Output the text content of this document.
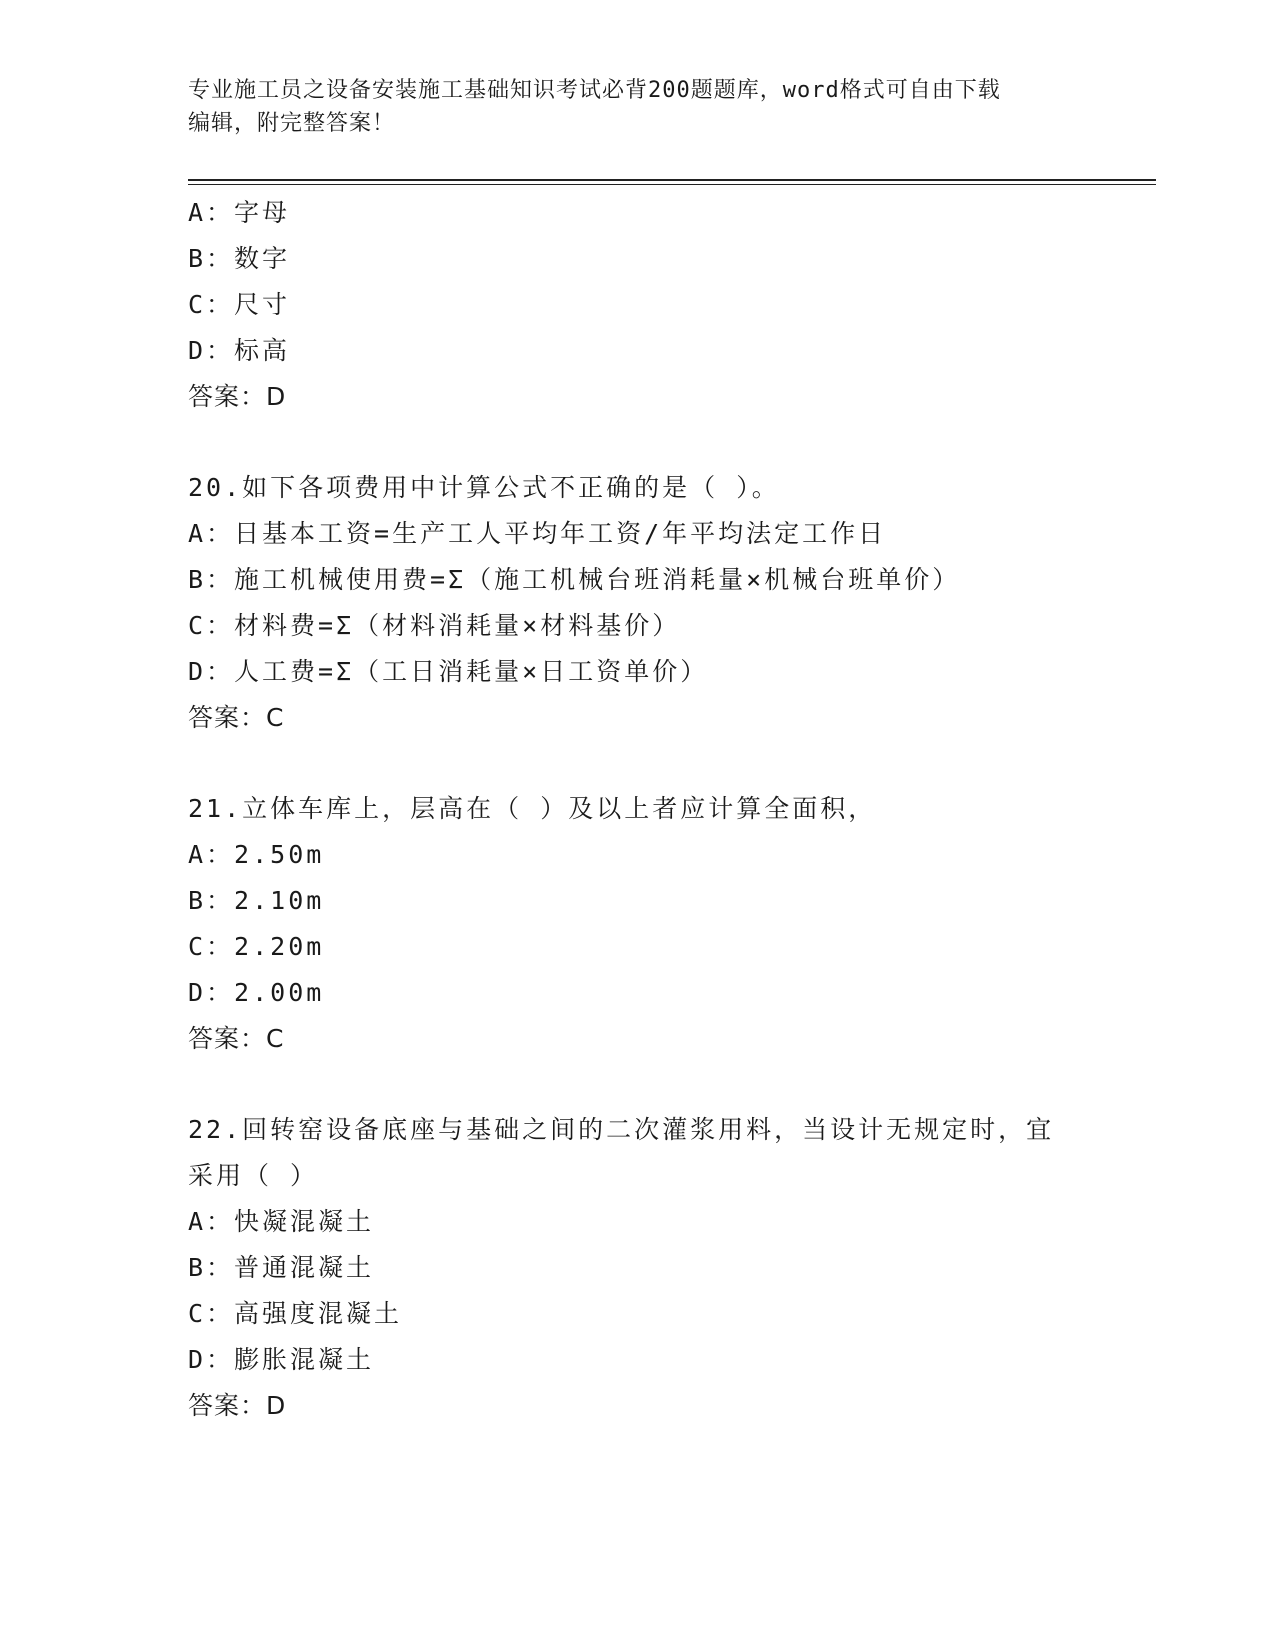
专业施工员之设备安装施工基础知识考试必背200题题库，word格式可自由下载
编辑，附完整答案！
A：字母
B：数字
C：尺寸
D：标高
答案：D
20.如下各项费用中计算公式不正确的是（ ）。
A：日基本工资=生产工人平均年工资/年平均法定工作日
B：施工机械使用费=Σ（施工机械台班消耗量×机械台班单价）
C：材料费=Σ（材料消耗量×材料基价）
D：人工费=Σ（工日消耗量×日工资单价）
答案：C
21.立体车库上，层高在（ ）及以上者应计算全面积，
A：2.50m
B：2.10m
C：2.20m
D：2.00m
答案：C
22.回转窑设备底座与基础之间的二次灌浆用料，当设计无规定时，宜
采用（ ）
A：快凝混凝土
B：普通混凝土
C：高强度混凝土
D：膨胀混凝土
答案：D
